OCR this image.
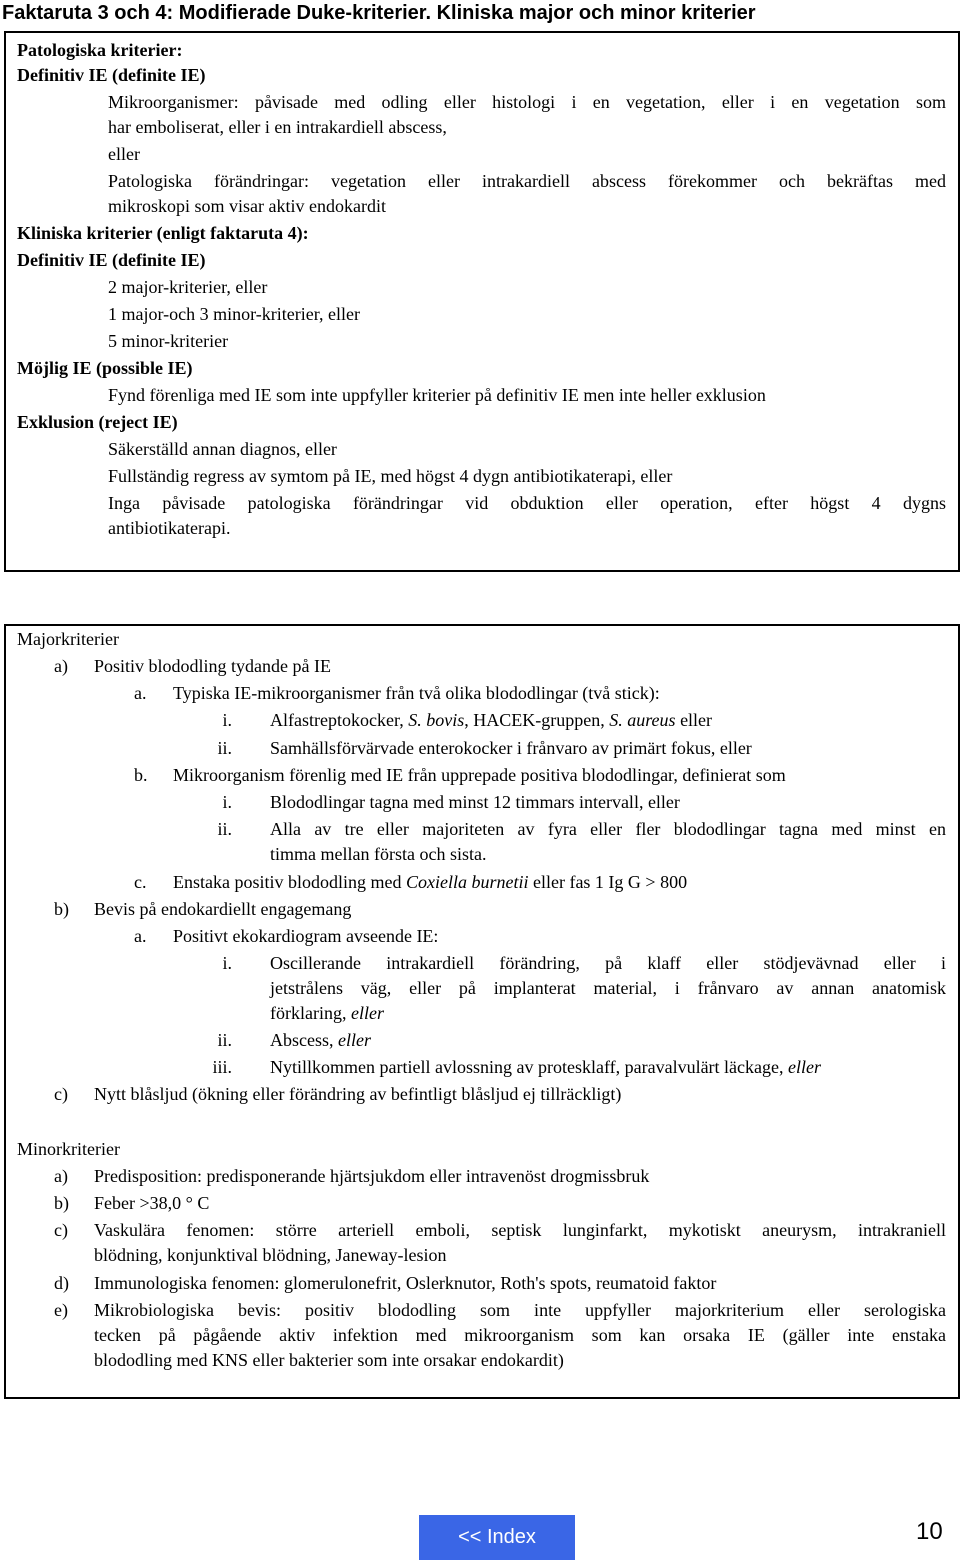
Faktaruta 3 och 4: Modifierade Duke-kriterier. Kliniska major och minor kriterier
Patologiska kriterier:
Definitiv IE (definite IE)
Mikroorganismer: påvisade med odling eller histologi i en vegetation, eller i en vegetation som
har emboliserat, eller i en intrakardiell abscess,
eller
Patologiska förändringar: vegetation eller intrakardiell abscess förekommer och bekräftas med
mikroskopi som visar aktiv endokardit
Kliniska kriterier (enligt faktaruta 4):
Definitiv IE (definite IE)
2 major-kriterier, eller
1 major-och 3 minor-kriterier, eller
5 minor-kriterier
Möjlig IE (possible IE)
Fynd förenliga med IE som inte uppfyller kriterier på definitiv IE men inte heller exklusion
Exklusion (reject IE)
Säkerställd annan diagnos, eller
Fullständig regress av symtom på IE, med högst 4 dygn antibiotikaterapi, eller
Inga påvisade patologiska förändringar vid obduktion eller operation, efter högst 4 dygns
antibiotikaterapi.
Majorkriterier
a) Positiv blododling tydande på IE
a. Typiska IE-mikroorganismer från två olika blododlingar (två stick):
i. Alfastreptokocker, S. bovis, HACEK-gruppen, S. aureus eller
ii. Samhällsförvärvade enterokocker i frånvaro av primärt fokus, eller
b. Mikroorganism förenlig med IE från upprepade positiva blododlingar, definierat som
i. Blododlingar tagna med minst 12 timmars intervall, eller
ii. Alla av tre eller majoriteten av fyra eller fler blododlingar tagna med minst en
timma mellan första och sista.
c. Enstaka positiv blododling med Coxiella burnetii eller fas 1 Ig G > 800
b) Bevis på endokardiellt engagemang
a. Positivt ekokardiogram avseende IE:
i. Oscillerande intrakardiell förändring, på klaff eller stödjevävnad eller i
jetstrålens väg, eller på implanterat material, i frånvaro av annan anatomisk
förklaring, eller
ii. Abscess, eller
iii. Nytillkommen partiell avlossning av protesklaff, paravalvulärt läckage, eller
c) Nytt blåsljud (ökning eller förändring av befintligt blåsljud ej tillräckligt)
Minorkriterier
a) Predisposition: predisponerande hjärtsjukdom eller intravenöst drogmissbruk
b) Feber >38,0 ° C
c) Vaskulära fenomen: större arteriell emboli, septisk lunginfarkt, mykotiskt aneurysm, intrakraniell
blödning, konjunktival blödning, Janeway-lesion
d) Immunologiska fenomen: glomerulonefrit, Oslerknutor, Roth's spots, reumatoid faktor
e) Mikrobiologiska bevis: positiv blododling som inte uppfyller majorkriterium eller serologiska
tecken på pågående aktiv infektion med mikroorganism som kan orsaka IE (gäller inte enstaka
blododling med KNS eller bakterier som inte orsakar endokardit)
<< Index	10
